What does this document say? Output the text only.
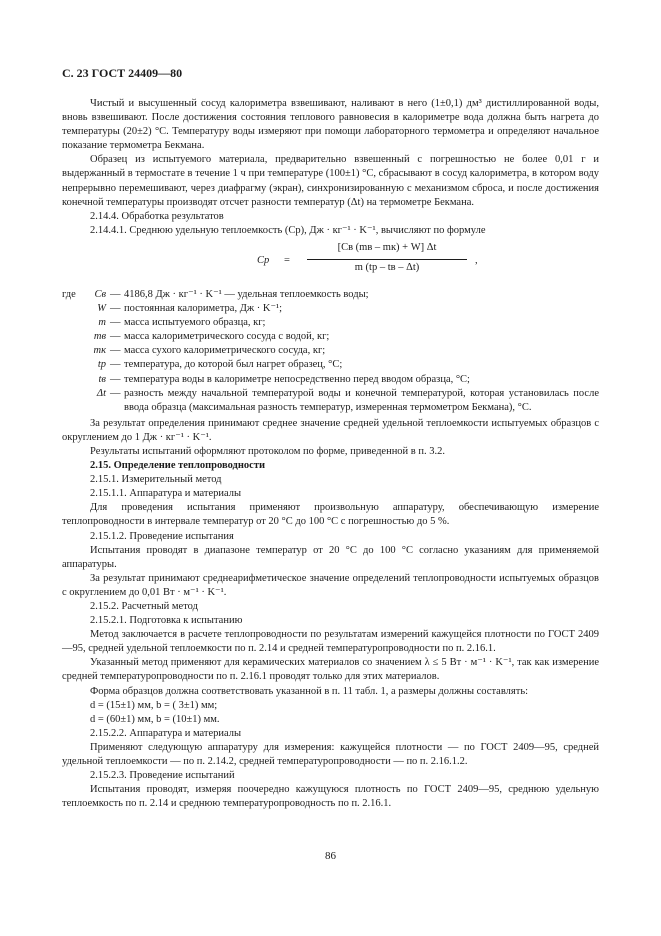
С. 23 ГОСТ 24409—80

Чистый и высушенный сосуд калориметра взвешивают, наливают в него (1±0,1) дм³ дистиллированной воды, вновь взвешивают. После достижения состояния теплового равновесия в калориметре вода должна быть нагрета до температуры (20±2) °С. Температуру воды измеряют при помощи лабораторного термометра и определяют начальное показание термометра Бекмана.

Образец из испытуемого материала, предварительно взвешенный с погрешностью не более 0,01 г и выдержанный в термостате в течение 1 ч при температуре (100±1) °С, сбрасывают в сосуд калориметра, в котором воду непрерывно перемешивают, через диафрагму (экран), синхронизированную с механизмом сброса, и после достижения конечной температуры производят отсчет разности температур (Δt) на термометре Бекмана.

2.14.4. Обработка результатов

2.14.4.1. Среднюю удельную теплоемкость (Cр), Дж · кг⁻¹ · K⁻¹, вычисляют по формуле

Cр =
[Cв (mв – mк) + W] Δt
m (tр – tв – Δt)
,
где	Cв — 4186,8 Дж · кг⁻¹ · K⁻¹ — удельная теплоемкость воды;
W — постоянная калориметра, Дж · K⁻¹;
m — масса испытуемого образца, кг;
mв — масса калориметрического сосуда с водой, кг;
mк — масса сухого калориметрического сосуда, кг;
tр — температура, до которой был нагрет образец, °С;
tв — температура воды в калориметре непосредственно перед вводом образца, °С;
Δt — разность между начальной температурой воды и конечной температурой, которая установилась после ввода образца (максимальная разность температур, измеренная термометром Бекмана), °С.

За результат определения принимают среднее значение средней удельной теплоемкости испытуемых образцов с округлением до 1 Дж · кг⁻¹ · K⁻¹.

Результаты испытаний оформляют протоколом по форме, приведенной в п. 3.2.

2.15. Определение теплопроводности

2.15.1. Измерительный метод

2.15.1.1. Аппаратура и материалы

Для проведения испытания применяют произвольную аппаратуру, обеспечивающую измерение теплопроводности в интервале температур от 20 °С до 100 °С с погрешностью до 5 %.

2.15.1.2. Проведение испытания

Испытания проводят в диапазоне температур от 20 °С до 100 °С согласно указаниям для применяемой аппаратуры.

За результат принимают среднеарифметическое значение определений теплопроводности испытуемых образцов с округлением до 0,01 Вт · м⁻¹ · K⁻¹.

2.15.2. Расчетный метод

2.15.2.1. Подготовка к испытанию

Метод заключается в расчете теплопроводности по результатам измерений кажущейся плотности по ГОСТ 2409—95, средней удельной теплоемкости по п. 2.14 и средней температуропроводности по п. 2.16.1.

Указанный метод применяют для керамических материалов со значением λ ≤ 5 Вт · м⁻¹ · K⁻¹, так как измерение средней температуропроводности по п. 2.16.1 проводят только для этих материалов.

Форма образцов должна соответствовать указанной в п. 11 табл. 1, а размеры должны составлять:

d = (15±1) мм, b = ( 3±1) мм;

d = (60±1) мм, b = (10±1) мм.

2.15.2.2. Аппаратура и материалы

Применяют следующую аппаратуру для измерения: кажущейся плотности — по ГОСТ 2409—95, средней удельной теплоемкости — по п. 2.14.2, средней температуропроводности — по п. 2.16.1.2.

2.15.2.3. Проведение испытаний

Испытания проводят, измеряя поочередно кажущуюся плотность по ГОСТ 2409—95, среднюю удельную теплоемкость по п. 2.14 и среднюю температуропроводность по п. 2.16.1.

86
